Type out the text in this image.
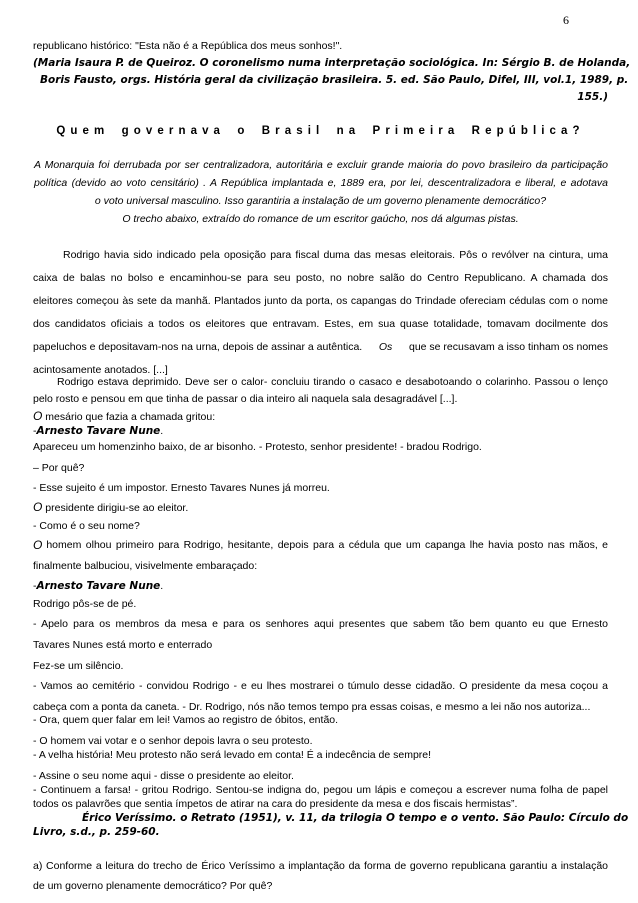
6
republicano histórico: "Esta não é a República dos meus sonhos!".
(Maria Isaura P. de Queiroz. O coronelismo numa interpretação sociológica. In: Sérgio B. de Holanda,
Boris Fausto, orgs. História geral da civilização brasileira. 5. ed. São Paulo, Difel, III, vol.1, 1989, p.
155.)
Quem governava o Brasil na Primeira República?
A Monarquia foi derrubada por ser centralizadora, autoritária e excluir grande maioria do povo brasileiro da participação
política (devido ao voto censitário) . A República implantada e, 1889 era, por lei, descentralizadora e liberal, e adotava
o voto universal masculino. Isso garantiria a instalação de um governo plenamente democrático?
O trecho abaixo, extraído do romance de um escritor gaúcho, nos dá algumas pistas.
Rodrigo havia sido indicado pela oposição para fiscal duma das mesas eleitorais. Pôs o revólver na cintura, uma
caixa de balas no bolso e encaminhou-se para seu posto, no nobre salão do Centro Republicano. A chamada dos
eleitores começou às sete da manhã. Plantados junto da porta, os capangas do Trindade ofereciam cédulas com o nome
dos candidatos oficiais a todos os eleitores que entravam. Estes, em sua quase totalidade, tomavam docilmente dos
papeluchos e depositavam-nos na urna, depois de assinar a autêntica. Os que se recusavam a isso tinham os nomes
acintosamente anotados. [...]
Rodrigo estava deprimido. Deve ser o calor- concluiu tirando o casaco e desabotoando o colarinho. Passou o lenço
pelo rosto e pensou em que tinha de passar o dia inteiro ali naquela sala desagradável [...].
O mesário que fazia a chamada gritou:
-Arnesto Tavare Nune.
Apareceu um homenzinho baixo, de ar bisonho. - Protesto, senhor presidente! - bradou Rodrigo.
– Por quê?
- Esse sujeito é um impostor. Ernesto Tavares Nunes já morreu.
O presidente dirigiu-se ao eleitor.
- Como é o seu nome?
O homem olhou primeiro para Rodrigo, hesitante, depois para a cédula que um capanga lhe havia posto nas mãos, e
finalmente balbuciou, visivelmente embaraçado:
-Arnesto Tavare Nune.
Rodrigo pôs-se de pé.
- Apelo para os membros da mesa e para os senhores aqui presentes que sabem tão bem quanto eu que Ernesto
Tavares Nunes está morto e enterrado
Fez-se um silêncio.
- Vamos ao cemitério - convidou Rodrigo - e eu lhes mostrarei o túmulo desse cidadão. O presidente da mesa coçou a
cabeça com a ponta da caneta. - Dr. Rodrigo, nós não temos tempo pra essas coisas, e mesmo a lei não nos autoriza...
- Ora, quem quer falar em lei! Vamos ao registro de óbitos, então.
- O homem vai votar e o senhor depois lavra o seu protesto.
- A velha história! Meu protesto não será levado em conta! É a indecência de sempre!
- Assine o seu nome aqui - disse o presidente ao eleitor.
- Continuem a farsa! - gritou Rodrigo. Sentou-se indigna do, pegou um lápis e começou a escrever numa folha de papel
todos os palavrões que sentia ímpetos de atirar na cara do presidente da mesa e dos fiscais hermistas”.
Érico Veríssimo. o Retrato (1951), v. 11, da trilogia O tempo e o vento. São Paulo: Círculo do
Livro, s.d., p. 259-60.
a) Conforme a leitura do trecho de Érico Veríssimo a implantação da forma de governo republicana garantiu a instalação
de um governo plenamente democrático? Por quê?
